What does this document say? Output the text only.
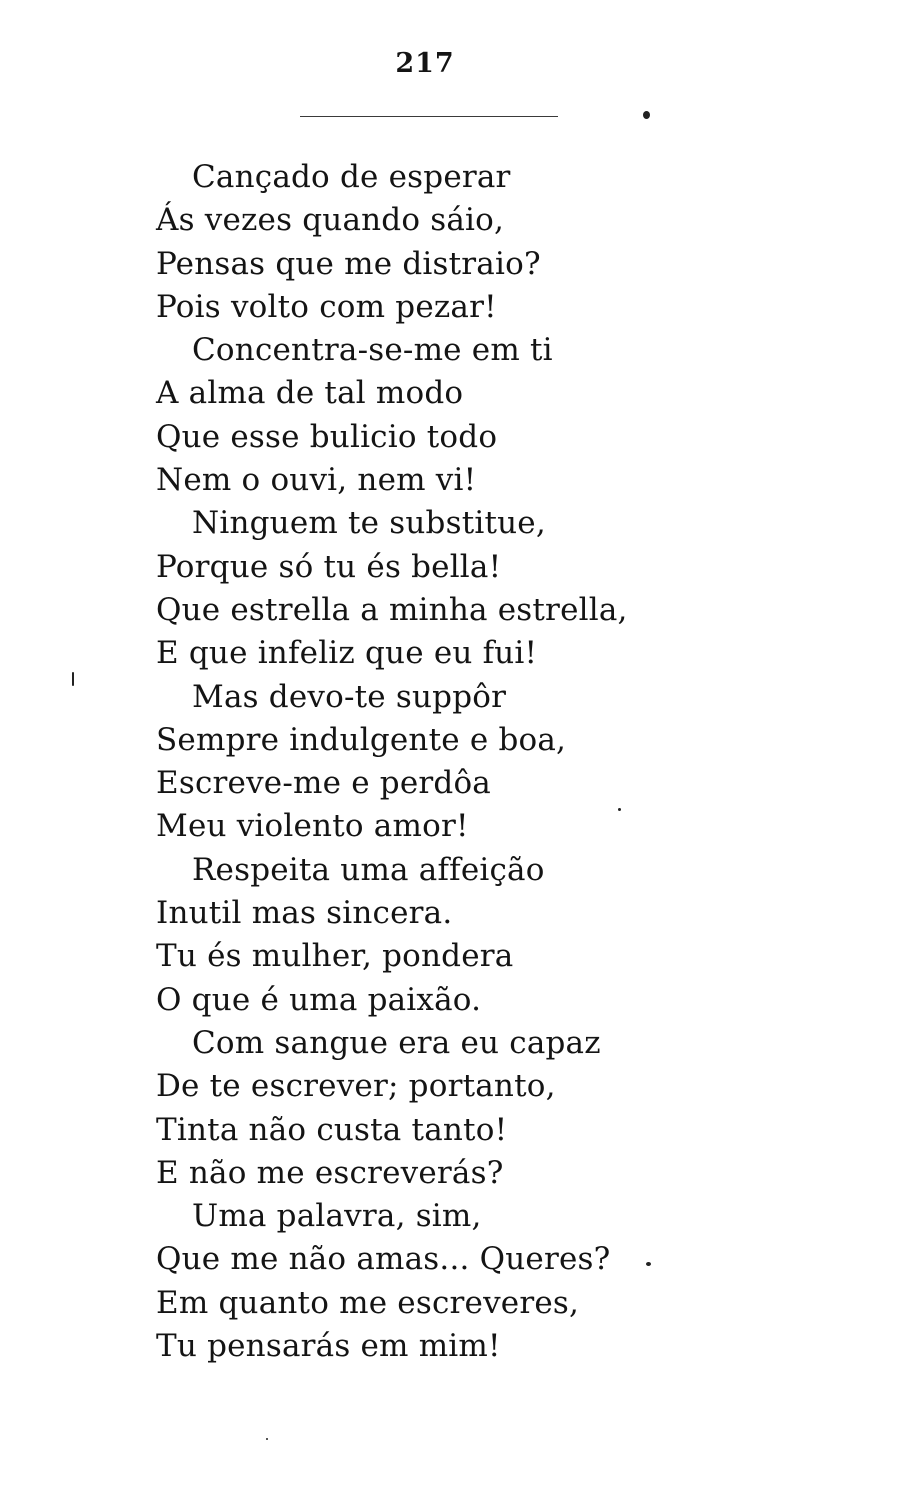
217
Cançado de esperar
Ás vezes quando sáio,
Pensas que me distraio?
Pois volto com pezar!
Concentra-se-me em ti
A alma de tal modo
Que esse bulicio todo
Nem o ouvi, nem vi!
Ninguem te substitue,
Porque só tu és bella!
Que estrella a minha estrella,
E que infeliz que eu fui!
Mas devo-te suppôr
Sempre indulgente e boa,
Escreve-me e perdôa
Meu violento amor!
Respeita uma affeição
Inutil mas sincera.
Tu és mulher, pondera
O que é uma paixão.
Com sangue era eu capaz
De te escrever; portanto,
Tinta não custa tanto!
E não me escreverás?
Uma palavra, sim,
Que me não amas... Queres?
Em quanto me escreveres,
Tu pensarás em mim!
